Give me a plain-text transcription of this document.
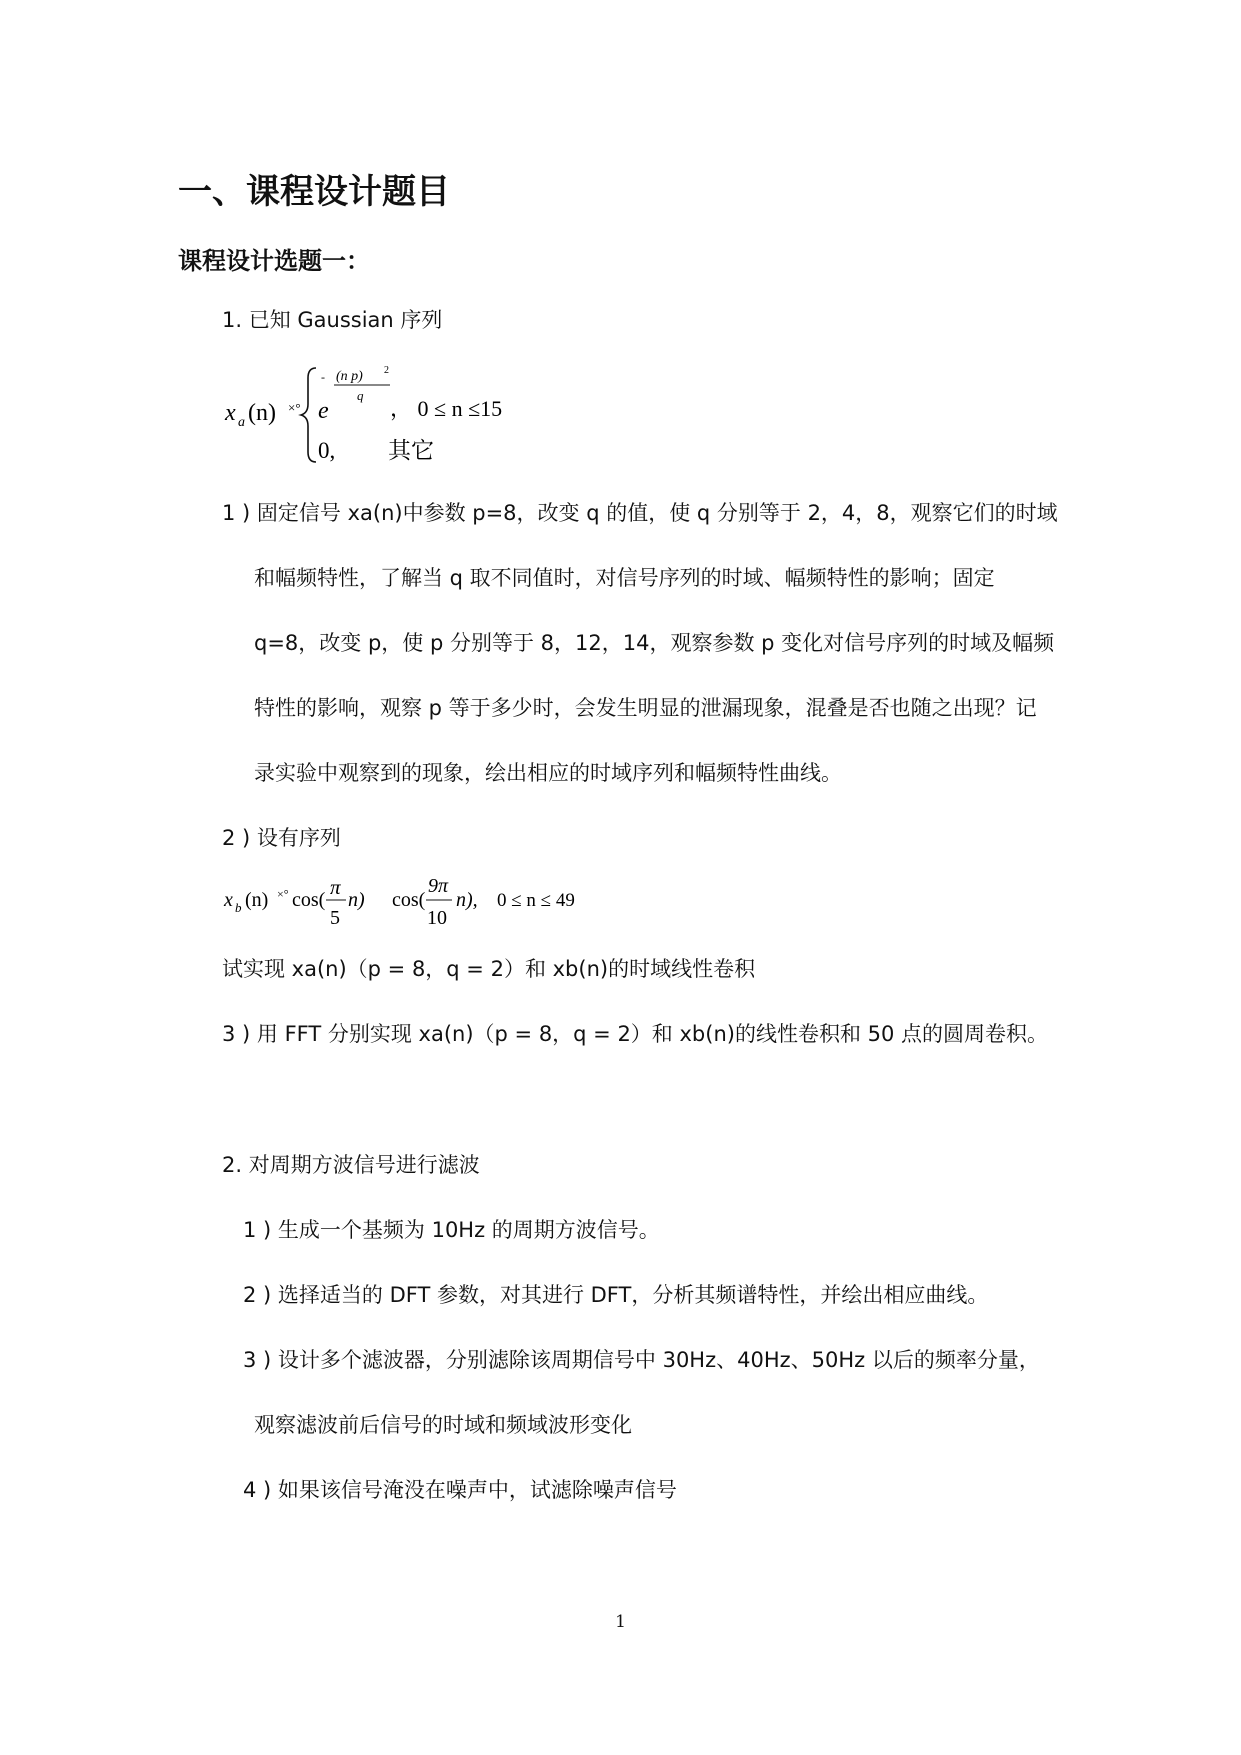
一、课程设计题目
课程设计选题一：
1. 已知 Gaussian 序列
x a (n) ×° e
- (n p) 2
q
， 0 ≤ n ≤15
0, 其它
1 ) 固定信号 xa(n)中参数 p=8，改变 q 的值，使 q 分别等于 2，4，8，观察它们的时域
和幅频特性，了解当 q 取不同值时，对信号序列的时域、幅频特性的影响；固定
q=8，改变 p，使 p 分别等于 8，12，14，观察参数 p 变化对信号序列的时域及幅频
特性的影响，观察 p 等于多少时，会发生明显的泄漏现象，混叠是否也随之出现？记
录实验中观察到的现象，绘出相应的时域序列和幅频特性曲线。
2 ) 设有序列
x b (n) ×° cos(
π
5
n) cos(
9π
10
n), 0 ≤ n ≤ 49
试实现 xa(n)（p = 8，q = 2）和 xb(n)的时域线性卷积
3 ) 用 FFT 分别实现 xa(n)（p = 8，q = 2）和 xb(n)的线性卷积和 50 点的圆周卷积。
2. 对周期方波信号进行滤波
1 ) 生成一个基频为 10Hz 的周期方波信号。
2 ) 选择适当的 DFT 参数，对其进行 DFT，分析其频谱特性，并绘出相应曲线。
3 ) 设计多个滤波器，分别滤除该周期信号中 30Hz、40Hz、50Hz 以后的频率分量，
观察滤波前后信号的时域和频域波形变化
4 ) 如果该信号淹没在噪声中，试滤除噪声信号
1
